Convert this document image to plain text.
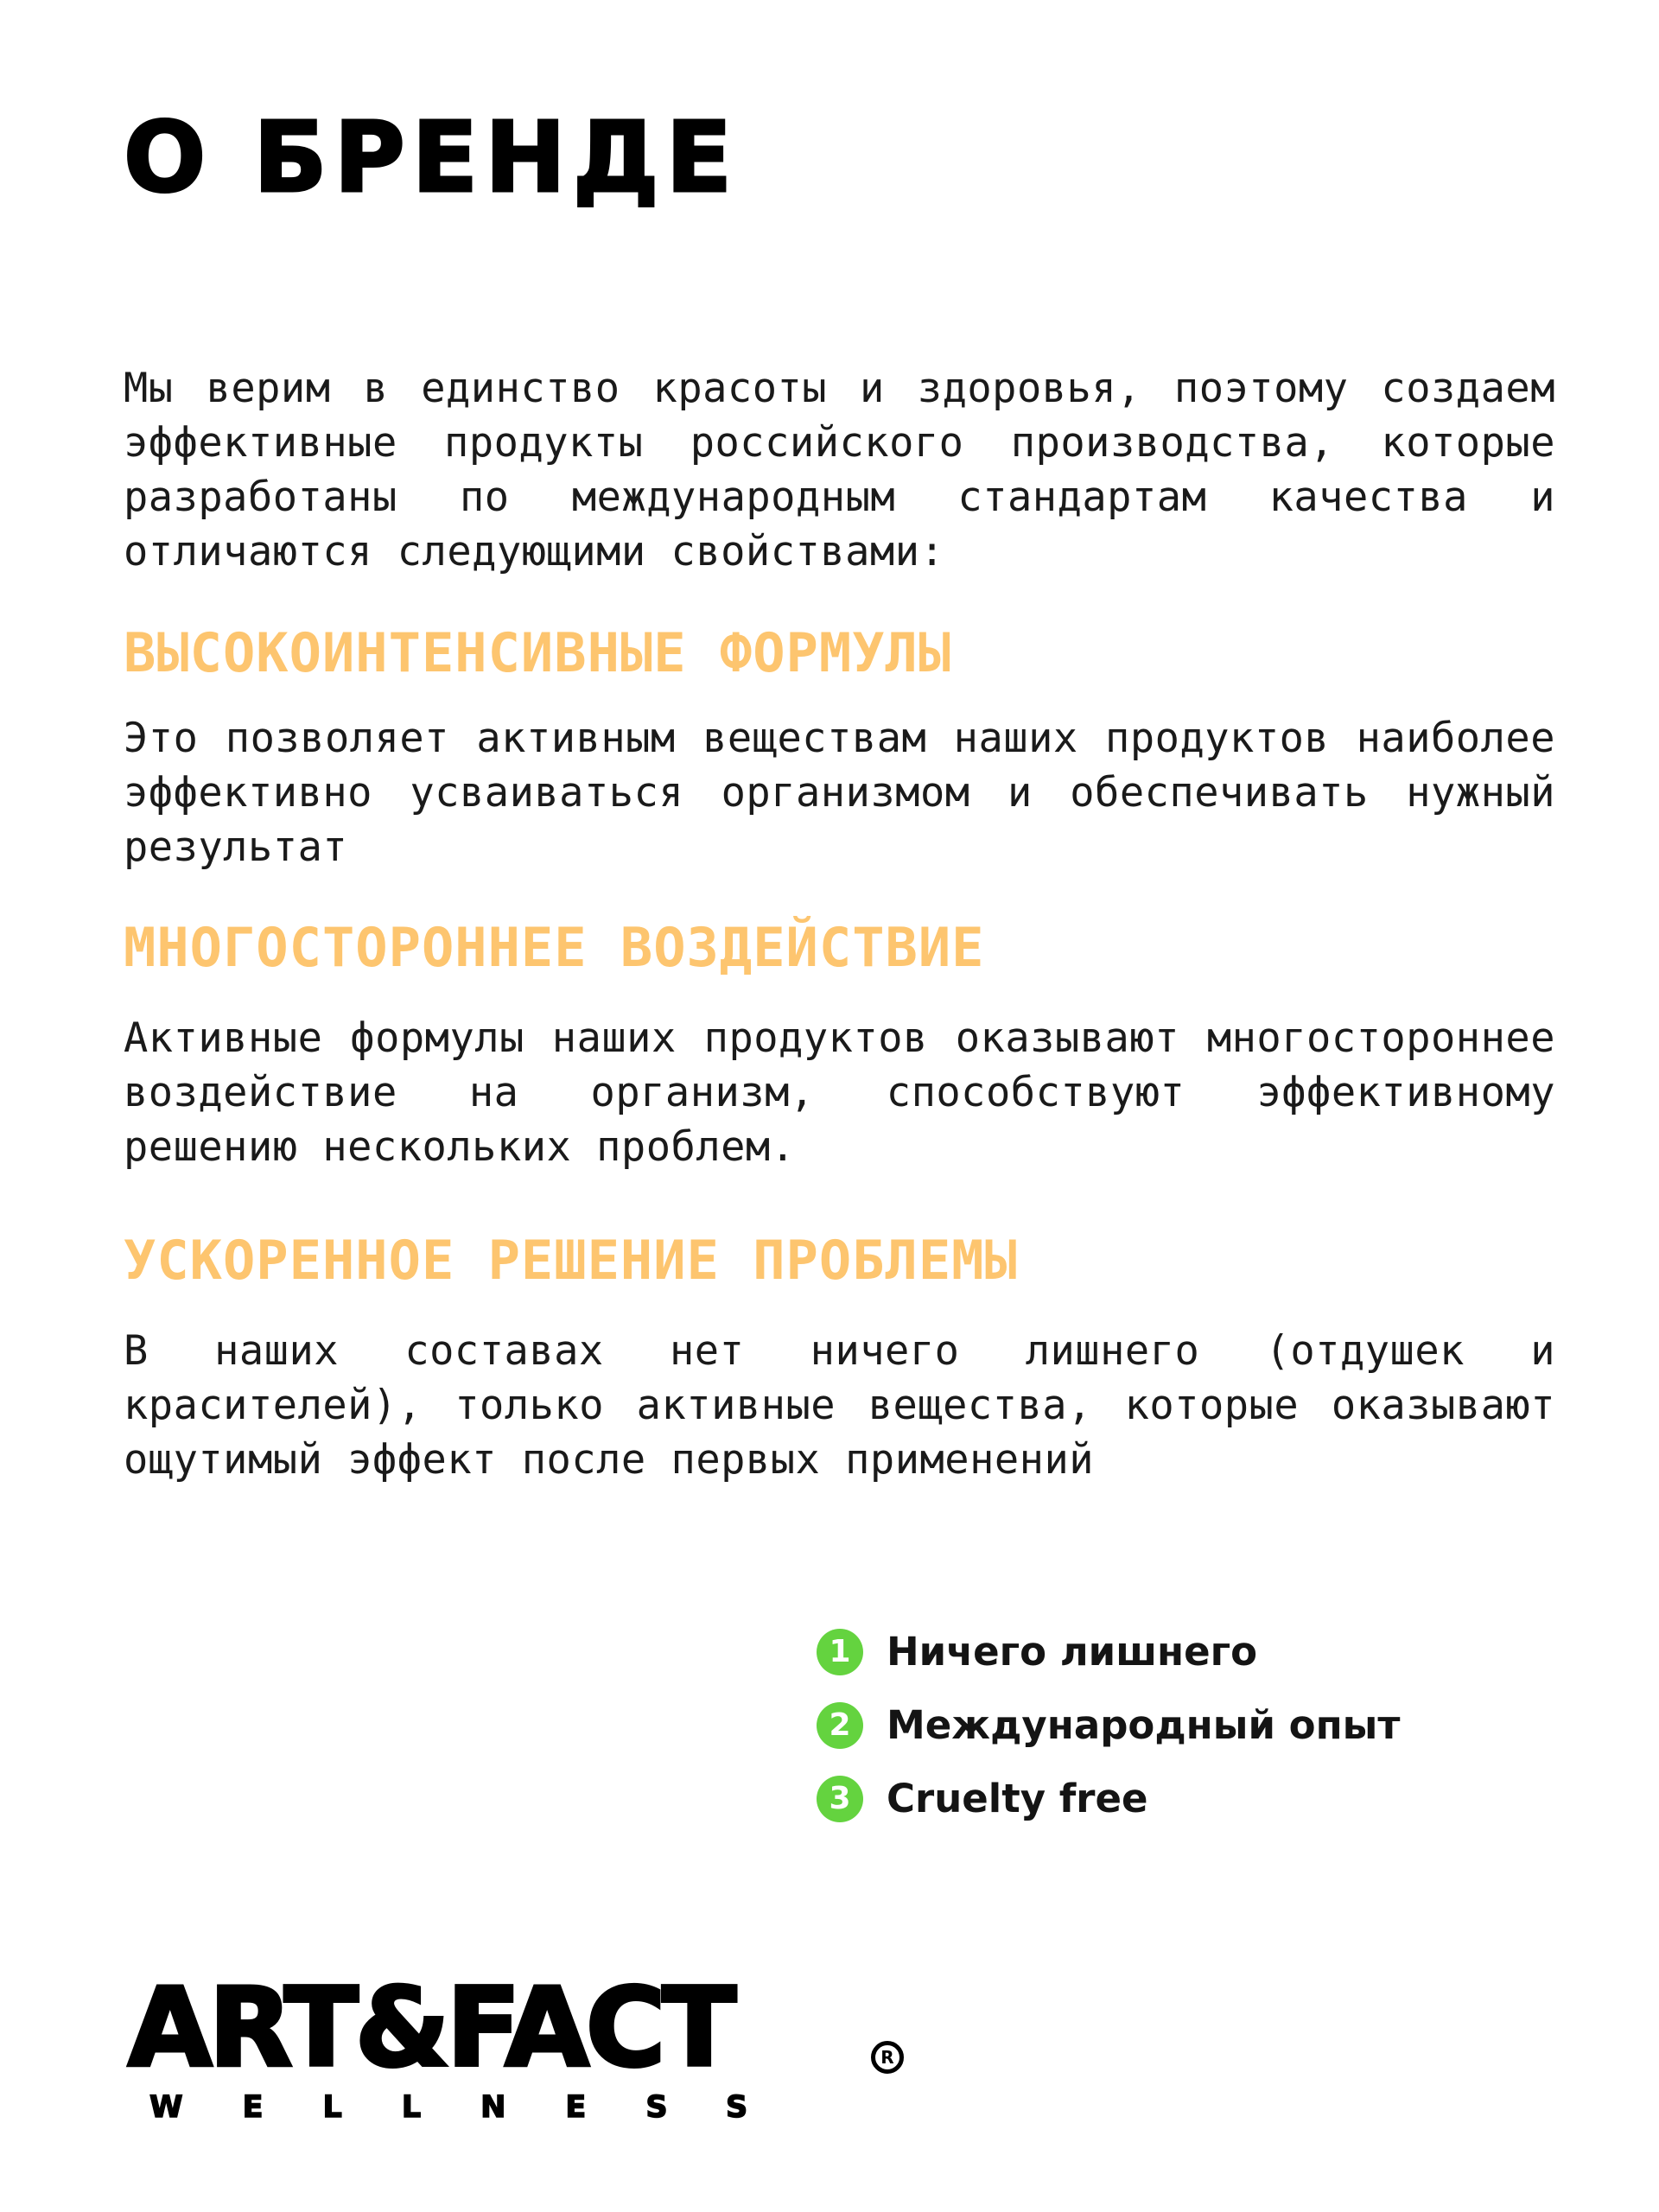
О БРЕНДЕ

Мы верим в единство красоты и здоровья, поэтому создаем эффективные продукты российского производства, которые разработаны по международным стандартам качества и отличаются следующими свойствами:

ВЫСОКОИНТЕНСИВНЫЕ ФОРМУЛЫ

Это позволяет активным веществам наших продуктов наиболее эффективно усваиваться организмом и обеспечивать нужный результат

МНОГОСТОРОННЕЕ ВОЗДЕЙСТВИЕ

Активные формулы наших продуктов оказывают многостороннее воздействие на организм, способствуют эффективному решению нескольких проблем.

УСКОРЕННОЕ РЕШЕНИЕ ПРОБЛЕМЫ

В наших составах нет ничего лишнего (отдушек и красителей), только активные вещества, которые оказывают ощутимый эффект после первых применений

1 Ничего лишнего
2 Международный опыт
3 Cruelty free
ART&FACT	R
WELLNESS
